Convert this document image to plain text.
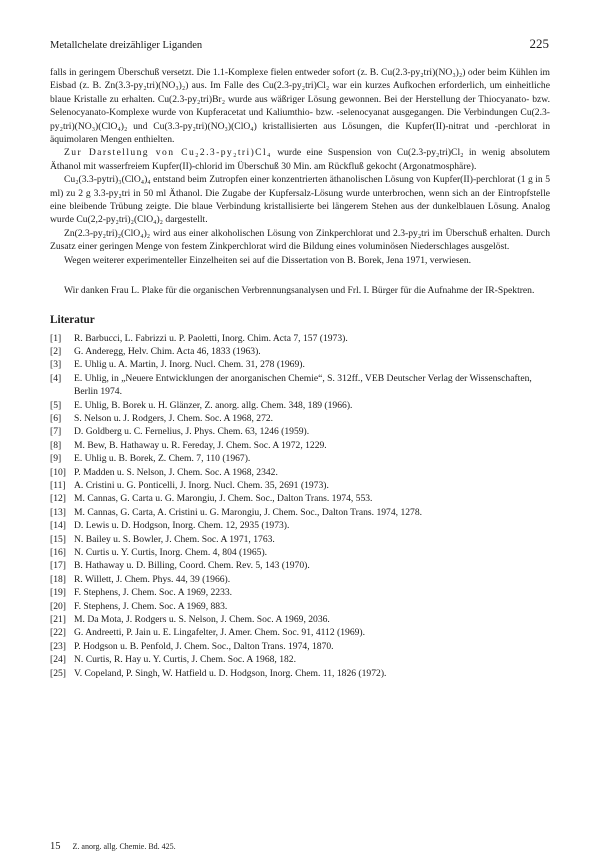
Metallchelate dreizähliger Liganden	225

falls in geringem Überschuß versetzt. Die 1.1-Komplexe fielen entweder sofort (z. B. Cu(2.3-py₂tri)(NO₃)₂) oder beim Kühlen im Eisbad (z. B. Zn(3.3-py₂tri)(NO₃)₂) aus. Im Falle des Cu(2.3-py₂tri)Cl₂ war ein kurzes Aufkochen erforderlich, um einheitliche blaue Kristalle zu erhalten. Cu(2.3-py₂tri)Br₂ wurde aus wäßriger Lösung gewonnen. Bei der Herstellung der Thiocyanato- bzw. Selenocyanato-Komplexe wurde von Kupferacetat und Kaliumthio- bzw. -selenocyanat ausgegangen. Die Verbindungen Cu(2.3-py₂tri)(NO₃)(ClO₄)₂ und Cu(3.3-py₂tri)(NO₃)(ClO₄) kristallisierten aus Lösungen, die Kupfer(II)-nitrat und -perchlorat in äquimolaren Mengen enthielten.

Zur Darstellung von Cu₂2.3-py₂tri)Cl₄ wurde eine Suspension von Cu(2.3-py₂tri)Cl₂ in wenig absolutem Äthanol mit wasserfreiem Kupfer(II)-chlorid im Überschuß 30 Min. am Rückfluß gekocht (Argonatmosphäre).

Cu₂(3.3-pytri)₃(ClO₄)₄ entstand beim Zutropfen einer konzentrierten äthanolischen Lösung von Kupfer(II)-perchlorat (1 g in 5 ml) zu 2 g 3.3-py₂tri in 50 ml Äthanol. Die Zugabe der Kupfersalz-Lösung wurde unterbrochen, wenn sich an der Eintropfstelle eine bleibende Trübung zeigte. Die blaue Verbindung kristallisierte bei längerem Stehen aus der dunkelblauen Lösung. Analog wurde Cu(2,2-py₂tri)₂(ClO₄)₂ dargestellt.

Zn(2.3-py₂tri)₂(ClO₄)₂ wird aus einer alkoholischen Lösung von Zinkperchlorat und 2.3-py₂tri im Überschuß erhalten. Durch Zusatz einer geringen Menge von festem Zinkperchlorat wird die Bildung eines voluminösen Niederschlages ausgelöst.

Wegen weiterer experimenteller Einzelheiten sei auf die Dissertation von B. Borek, Jena 1971, verwiesen.

Wir danken Frau L. Plake für die organischen Verbrennungsanalysen und Frl. I. Bürger für die Aufnahme der IR-Spektren.

Literatur
[1]	R. Barbucci, L. Fabrizzi u. P. Paoletti, Inorg. Chim. Acta 7, 157 (1973).
[2]	G. Anderegg, Helv. Chim. Acta 46, 1833 (1963).
[3]	E. Uhlig u. A. Martin, J. Inorg. Nucl. Chem. 31, 278 (1969).
[4]	E. Uhlig, in „Neuere Entwicklungen der anorganischen Chemie“, S. 312ff., VEB Deutscher Verlag der Wissenschaften, Berlin 1974.
[5]	E. Uhlig, B. Borek u. H. Glänzer, Z. anorg. allg. Chem. 348, 189 (1966).
[6]	S. Nelson u. J. Rodgers, J. Chem. Soc. A 1968, 272.
[7]	D. Goldberg u. C. Fernelius, J. Phys. Chem. 63, 1246 (1959).
[8]	M. Bew, B. Hathaway u. R. Fereday, J. Chem. Soc. A 1972, 1229.
[9]	E. Uhlig u. B. Borek, Z. Chem. 7, 110 (1967).
[10] P. Madden u. S. Nelson, J. Chem. Soc. A 1968, 2342.
[11] A. Cristini u. G. Ponticelli, J. Inorg. Nucl. Chem. 35, 2691 (1973).
[12] M. Cannas, G. Carta u. G. Marongiu, J. Chem. Soc., Dalton Trans. 1974, 553.
[13] M. Cannas, G. Carta, A. Cristini u. G. Marongiu, J. Chem. Soc., Dalton Trans. 1974, 1278.
[14] D. Lewis u. D. Hodgson, Inorg. Chem. 12, 2935 (1973).
[15] N. Bailey u. S. Bowler, J. Chem. Soc. A 1971, 1763.
[16] N. Curtis u. Y. Curtis, Inorg. Chem. 4, 804 (1965).
[17] B. Hathaway u. D. Billing, Coord. Chem. Rev. 5, 143 (1970).
[18] R. Willett, J. Chem. Phys. 44, 39 (1966).
[19] F. Stephens, J. Chem. Soc. A 1969, 2233.
[20] F. Stephens, J. Chem. Soc. A 1969, 883.
[21] M. Da Mota, J. Rodgers u. S. Nelson, J. Chem. Soc. A 1969, 2036.
[22] G. Andreetti, P. Jain u. E. Lingafelter, J. Amer. Chem. Soc. 91, 4112 (1969).
[23] P. Hodgson u. B. Penfold, J. Chem. Soc., Dalton Trans. 1974, 1870.
[24] N. Curtis, R. Hay u. Y. Curtis, J. Chem. Soc. A 1968, 182.
[25] V. Copeland, P. Singh, W. Hatfield u. D. Hodgson, Inorg. Chem. 11, 1826 (1972).
15 Z. anorg. allg. Chemie. Bd. 425.
